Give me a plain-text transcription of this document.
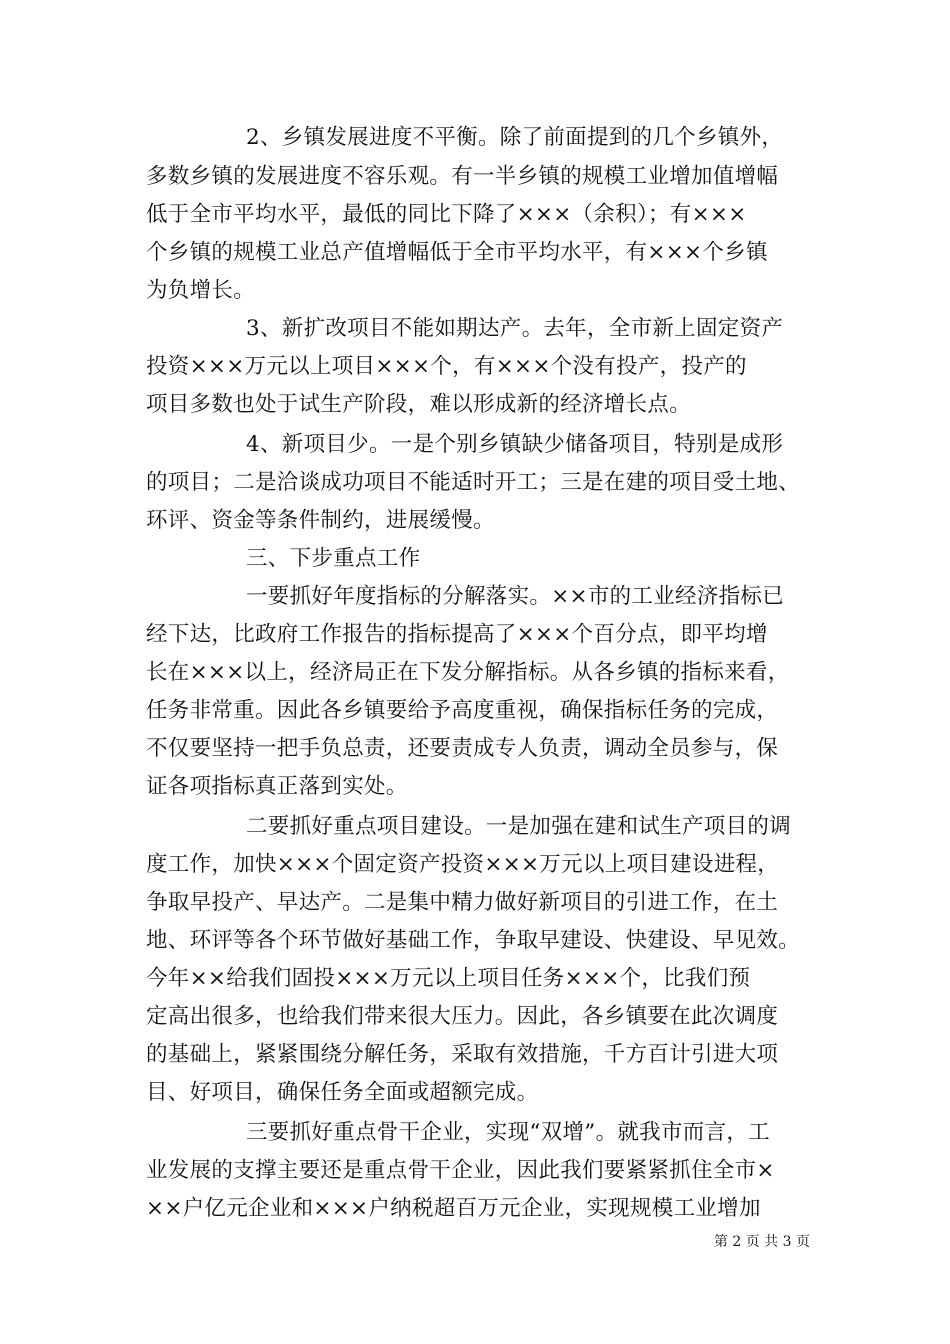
2、乡镇发展进度不平衡。除了前面提到的几个乡镇外，
多数乡镇的发展进度不容乐观。有一半乡镇的规模工业增加值增幅
低于全市平均水平，最低的同比下降了×××（余积）；有×××
个乡镇的规模工业总产值增幅低于全市平均水平，有×××个乡镇
为负增长。
3、新扩改项目不能如期达产。去年，全市新上固定资产
投资×××万元以上项目×××个，有×××个没有投产，投产的
项目多数也处于试生产阶段，难以形成新的经济增长点。
4、新项目少。一是个别乡镇缺少储备项目，特别是成形
的项目；二是洽谈成功项目不能适时开工；三是在建的项目受土地、
环评、资金等条件制约，进展缓慢。
三、下步重点工作
一要抓好年度指标的分解落实。××市的工业经济指标已
经下达，比政府工作报告的指标提高了×××个百分点，即平均增
长在×××以上，经济局正在下发分解指标。从各乡镇的指标来看，
任务非常重。因此各乡镇要给予高度重视，确保指标任务的完成，
不仅要坚持一把手负总责，还要责成专人负责，调动全员参与，保
证各项指标真正落到实处。
二要抓好重点项目建设。一是加强在建和试生产项目的调
度工作，加快×××个固定资产投资×××万元以上项目建设进程，
争取早投产、早达产。二是集中精力做好新项目的引进工作，在土
地、环评等各个环节做好基础工作，争取早建设、快建设、早见效。
今年××给我们固投×××万元以上项目任务×××个，比我们预
定高出很多，也给我们带来很大压力。因此，各乡镇要在此次调度
的基础上，紧紧围绕分解任务，采取有效措施，千方百计引进大项
目、好项目，确保任务全面或超额完成。
三要抓好重点骨干企业，实现“双增”。就我市而言，工
业发展的支撑主要还是重点骨干企业，因此我们要紧紧抓住全市×
××户亿元企业和×××户纳税超百万元企业，实现规模工业增加
第 2 页 共 3 页
